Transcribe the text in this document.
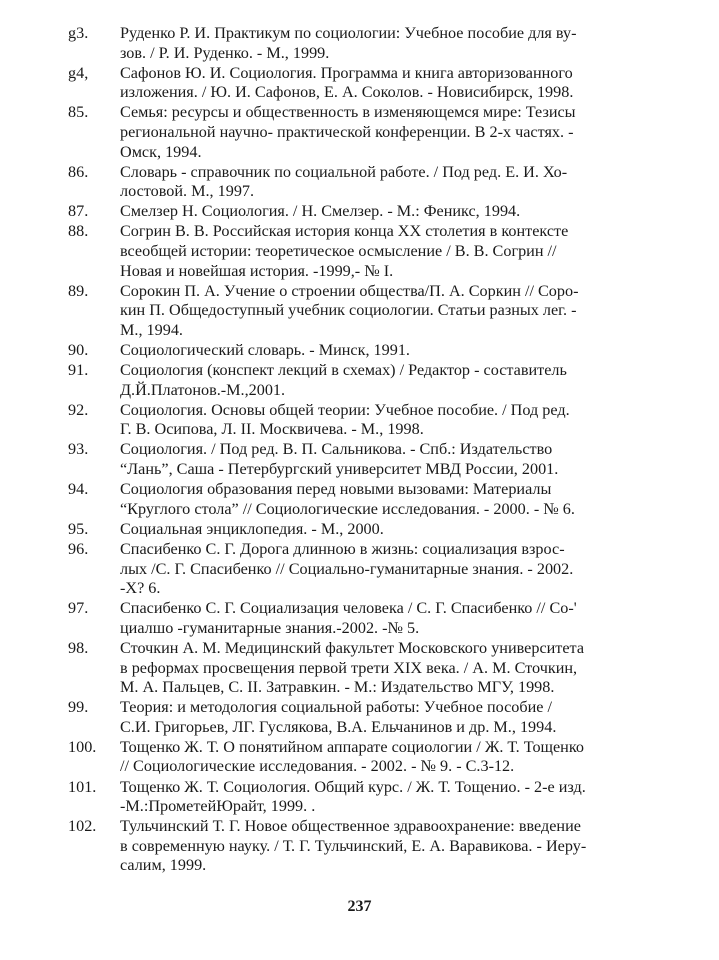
g3.	Руденко Р. И. Практикум по социологии: Учебное пособие для ву-
зов. / Р. И. Руденко. - М., 1999.
g4,	Сафонов Ю. И. Социология. Программа и книга авторизованного
изложения. / Ю. И. Сафонов, Е. А. Соколов. - Новисибирск, 1998.
85.	Семья: ресурсы и общественность в изменяющемся мире: Тезисы
региональной научно- практической конференции. В 2-х частях. -
Омск, 1994.
86.	Словарь - справочник по социальной работе. / Под ред. Е. И. Хо-
лостовой. М., 1997.
87.	Смелзер Н. Социология. / Н. Смелзер. - М.: Феникс, 1994.
88.	Согрин В. В. Российская история конца XX столетия в контексте
всеобщей истории: теоретическое осмысление / В. В. Согрин //
Новая и новейшая история. -1999,- № I.
89.	Сорокин П. А. Учение о строении общества/П. А. Соркин // Соро-
кин П. Общедоступный учебник социологии. Статьи разных лег. -
М., 1994.
90.	Социологический словарь. - Минск, 1991.
91.	Социология (конспект лекций в схемах) / Редактор - составитель
Д.Й.Платонов.-М.,2001.
92.	Социология. Основы общей теории: Учебное пособие. / Под ред.
Г. В. Осипова, Л. II. Москвичева. - М., 1998.
93.	Социология. / Под ред. В. П. Сальникова. - Спб.: Издательство
“Лань”, Саша - Петербургский университет МВД России, 2001.
94.	Социология образования перед новыми вызовами: Материалы
“Круглого стола” // Социологические исследования. - 2000. - № 6.
95.	Социальная энциклопедия. - М., 2000.
96.	Спасибенко С. Г. Дорога длинною в жизнь: социализация взрос-
лых /С. Г. Спасибенко // Социально-гуманитарные знания. - 2002.
-Х? 6.
97.	Спасибенко С. Г. Социализация человека / С. Г. Спасибенко // Со-'
циалшо -гуманитарные знания.-2002. -№ 5.
98.	Сточкин А. М. Медицинский факультет Московского университета
в реформах просвещения первой трети XIX века. / А. М. Сточкин,
М. А. Пальцев, С. II. Затравкин. - М.: Издательство МГУ, 1998.
99.	Теория: и методология социальной работы: Учебное пособие /
С.И. Григорьев, ЛГ. Гуслякова, В.А. Ельчанинов и др. М., 1994.
100.	Тощенко Ж. Т. О понятийном аппарате социологии / Ж. Т. Тощенко
// Социологические исследования. - 2002. - № 9. - С.3-12.
101.	Тощенко Ж. Т. Социология. Общий курс. / Ж. Т. Тощенио. - 2-е изд.
-М.:ПрометейЮрайт, 1999. .
102.	Тульчинский Т. Г. Новое общественное здравоохранение: введение
в современную науку. / Т. Г. Тульчинский, Е. А. Варавикова. - Иеру-
салим, 1999.
237
